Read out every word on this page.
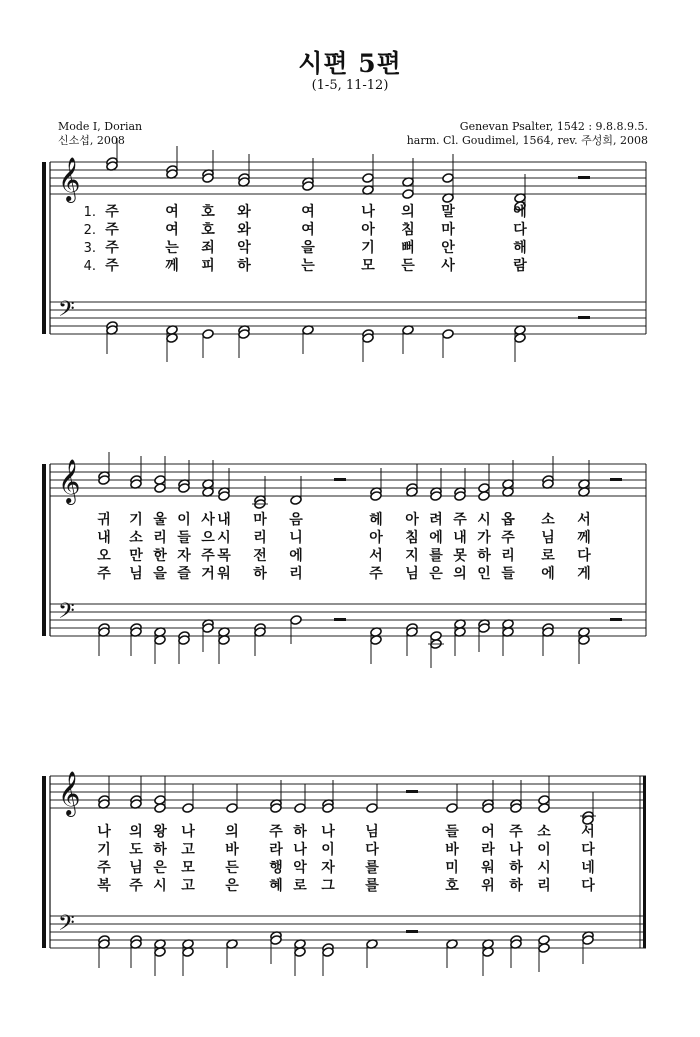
시편 5편
(1-5, 11-12)
Mode I, Dorian
신소섭, 2008
Genevan Psalter, 1542 : 9.8.8.9.5.
harm. Cl. Goudimel, 1564, rev. 주성희, 2008
𝄞
𝄢
1. 주	여 호 와	여	나 의 말	에
2. 주	여 호 와	여	아 침 마	다
3. 주	는 죄 악	을	기 뻐 안	해
4. 주	께 피 하	는	모 든 사	람
𝄞
𝄢
귀 기 울 이 사 내 마 음	헤 아 려 주 시 옵 소 서
내 소 리 들 으 시 리 니	아 침 에 내 가 주 님 께
오 만 한 자 주 목 전 에	서 지 를 못 하 리 로 다
주 님 을 즐 거 워 하 리	주 님 은 의 인 들 에 게
𝄞
𝄢
나 의 왕 나 의 주 하 나 님	들 어 주 소 서
기 도 하 고 바 라 나 이 다	바 라 나 이 다
주 님 은 모 든 행 악 자 를	미 워 하 시 네
복 주 시 고 은 혜 로 그 를	호 위 하 리 다
